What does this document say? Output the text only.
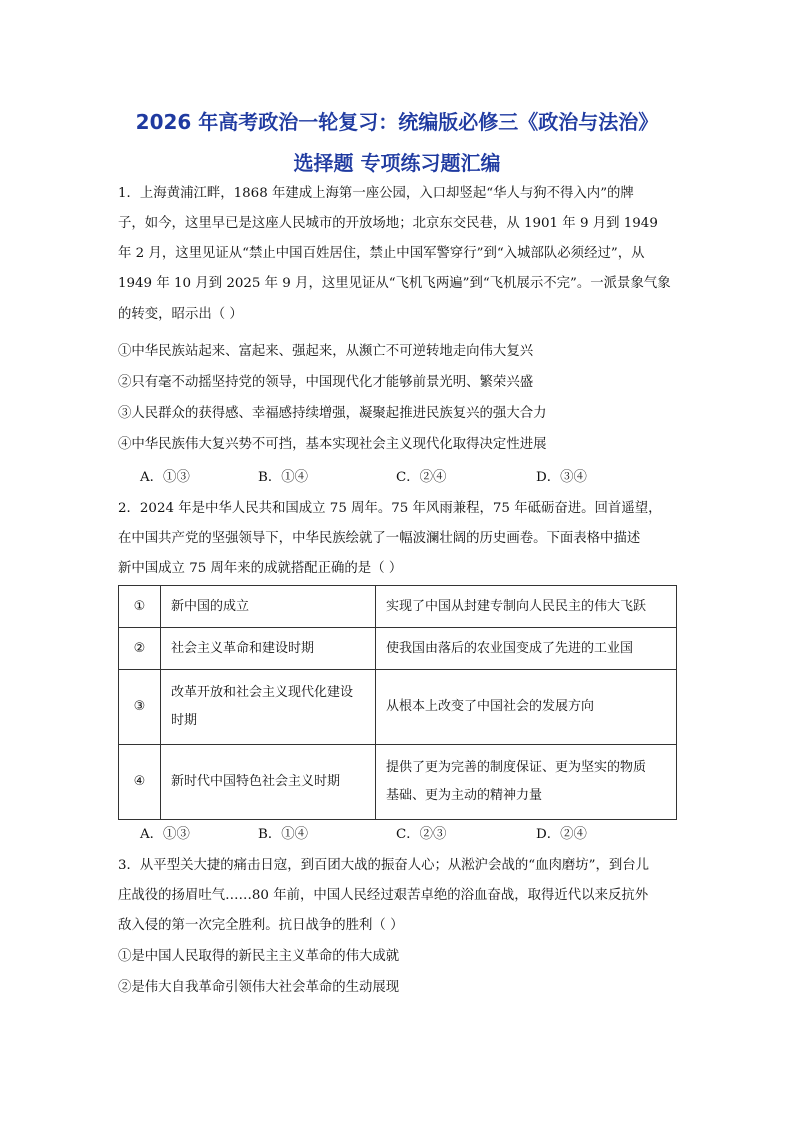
2026 年高考政治一轮复习：统编版必修三《政治与法治》
选择题 专项练习题汇编
1．上海黄浦江畔，1868 年建成上海第一座公园，入口却竖起“华人与狗不得入内”的牌
子，如今，这里早已是这座人民城市的开放场地；北京东交民巷，从 1901 年 9 月到 1949
年 2 月，这里见证从“禁止中国百姓居住，禁止中国军警穿行”到“入城部队必须经过”，从
1949 年 10 月到 2025 年 9 月，这里见证从“飞机飞两遍”到“飞机展示不完”。一派景象气象
的转变，昭示出（ ）
①中华民族站起来、富起来、强起来，从濒亡不可逆转地走向伟大复兴
②只有毫不动摇坚持党的领导，中国现代化才能够前景光明、繁荣兴盛
③人民群众的获得感、幸福感持续增强，凝聚起推进民族复兴的强大合力
④中华民族伟大复兴势不可挡，基本实现社会主义现代化取得决定性进展
A．①③	B．①④	C．②④	D．③④
2．2024 年是中华人民共和国成立 75 周年。75 年风雨兼程，75 年砥砺奋进。回首遥望，
在中国共产党的坚强领导下，中华民族绘就了一幅波澜壮阔的历史画卷。下面表格中描述
新中国成立 75 周年来的成就搭配正确的是（ ）
①	新中国的成立	实现了中国从封建专制向人民民主的伟大飞跃

②	社会主义革命和建设时期	使我国由落后的农业国变成了先进的工业国

③	改革开放和社会主义现代化建设
时期	从根本上改变了中国社会的发展方向

④	新时代中国特色社会主义时期	提供了更为完善的制度保证、更为坚实的物质
基础、更为主动的精神力量
A．①③	B．①④	C．②③	D．②④
3．从平型关大捷的痛击日寇，到百团大战的振奋人心；从淞沪会战的“血肉磨坊”，到台儿
庄战役的扬眉吐气……80 年前，中国人民经过艰苦卓绝的浴血奋战，取得近代以来反抗外
敌入侵的第一次完全胜利。抗日战争的胜利（ ）
①是中国人民取得的新民主主义革命的伟大成就
②是伟大自我革命引领伟大社会革命的生动展现
